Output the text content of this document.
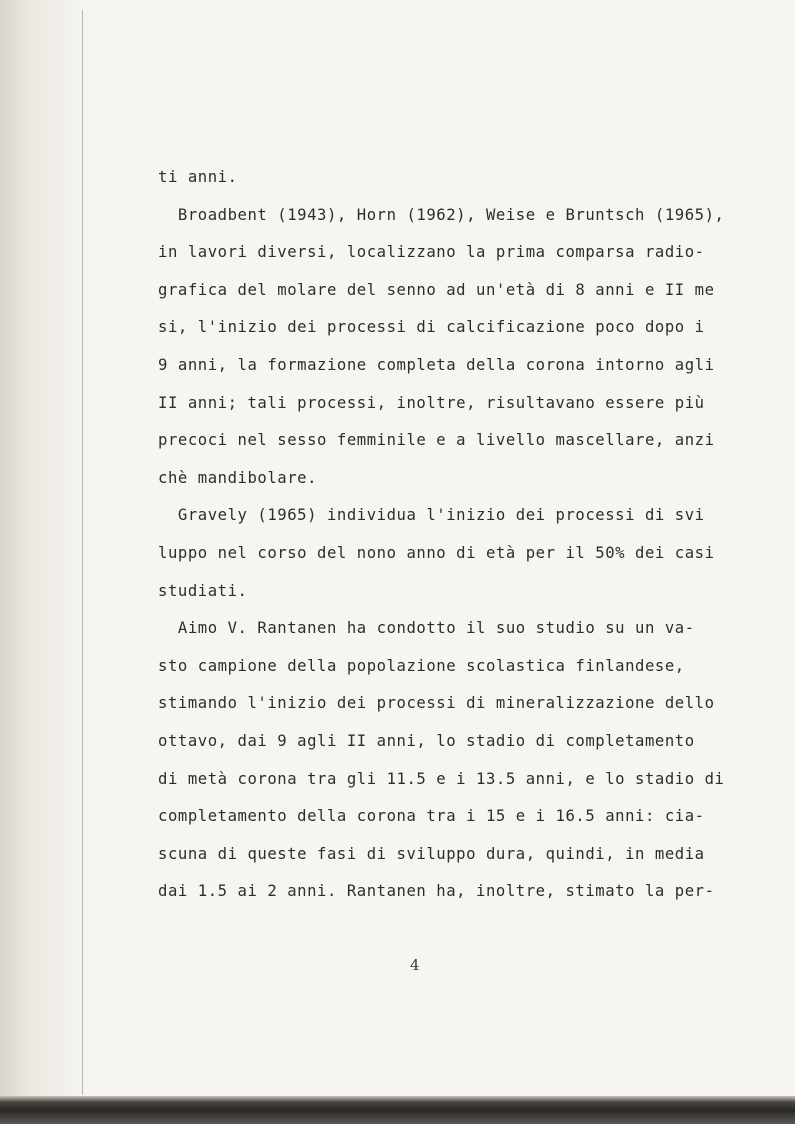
ti anni.
Broadbent (1943), Horn (1962), Weise e Bruntsch (1965),
in lavori diversi, localizzano la prima comparsa radio-
grafica del molare del senno ad un'età di 8 anni e II me
si, l'inizio dei processi di calcificazione poco dopo i
9 anni, la formazione completa della corona intorno agli
II anni; tali processi, inoltre, risultavano essere più
precoci nel sesso femminile e a livello mascellare, anzi
chè mandibolare.
Gravely (1965) individua l'inizio dei processi di svi
luppo nel corso del nono anno di età per il 50% dei casi
studiati.
Aimo V. Rantanen ha condotto il suo studio su un va-
sto campione della popolazione scolastica finlandese,
stimando l'inizio dei processi di mineralizzazione dello
ottavo, dai 9 agli II anni, lo stadio di completamento
di metà corona tra gli 11.5 e i 13.5 anni, e lo stadio di
completamento della corona tra i 15 e i 16.5 anni: cia-
scuna di queste fasi di sviluppo dura, quindi, in media
dai 1.5 ai 2 anni. Rantanen ha, inoltre, stimato la per-
4
